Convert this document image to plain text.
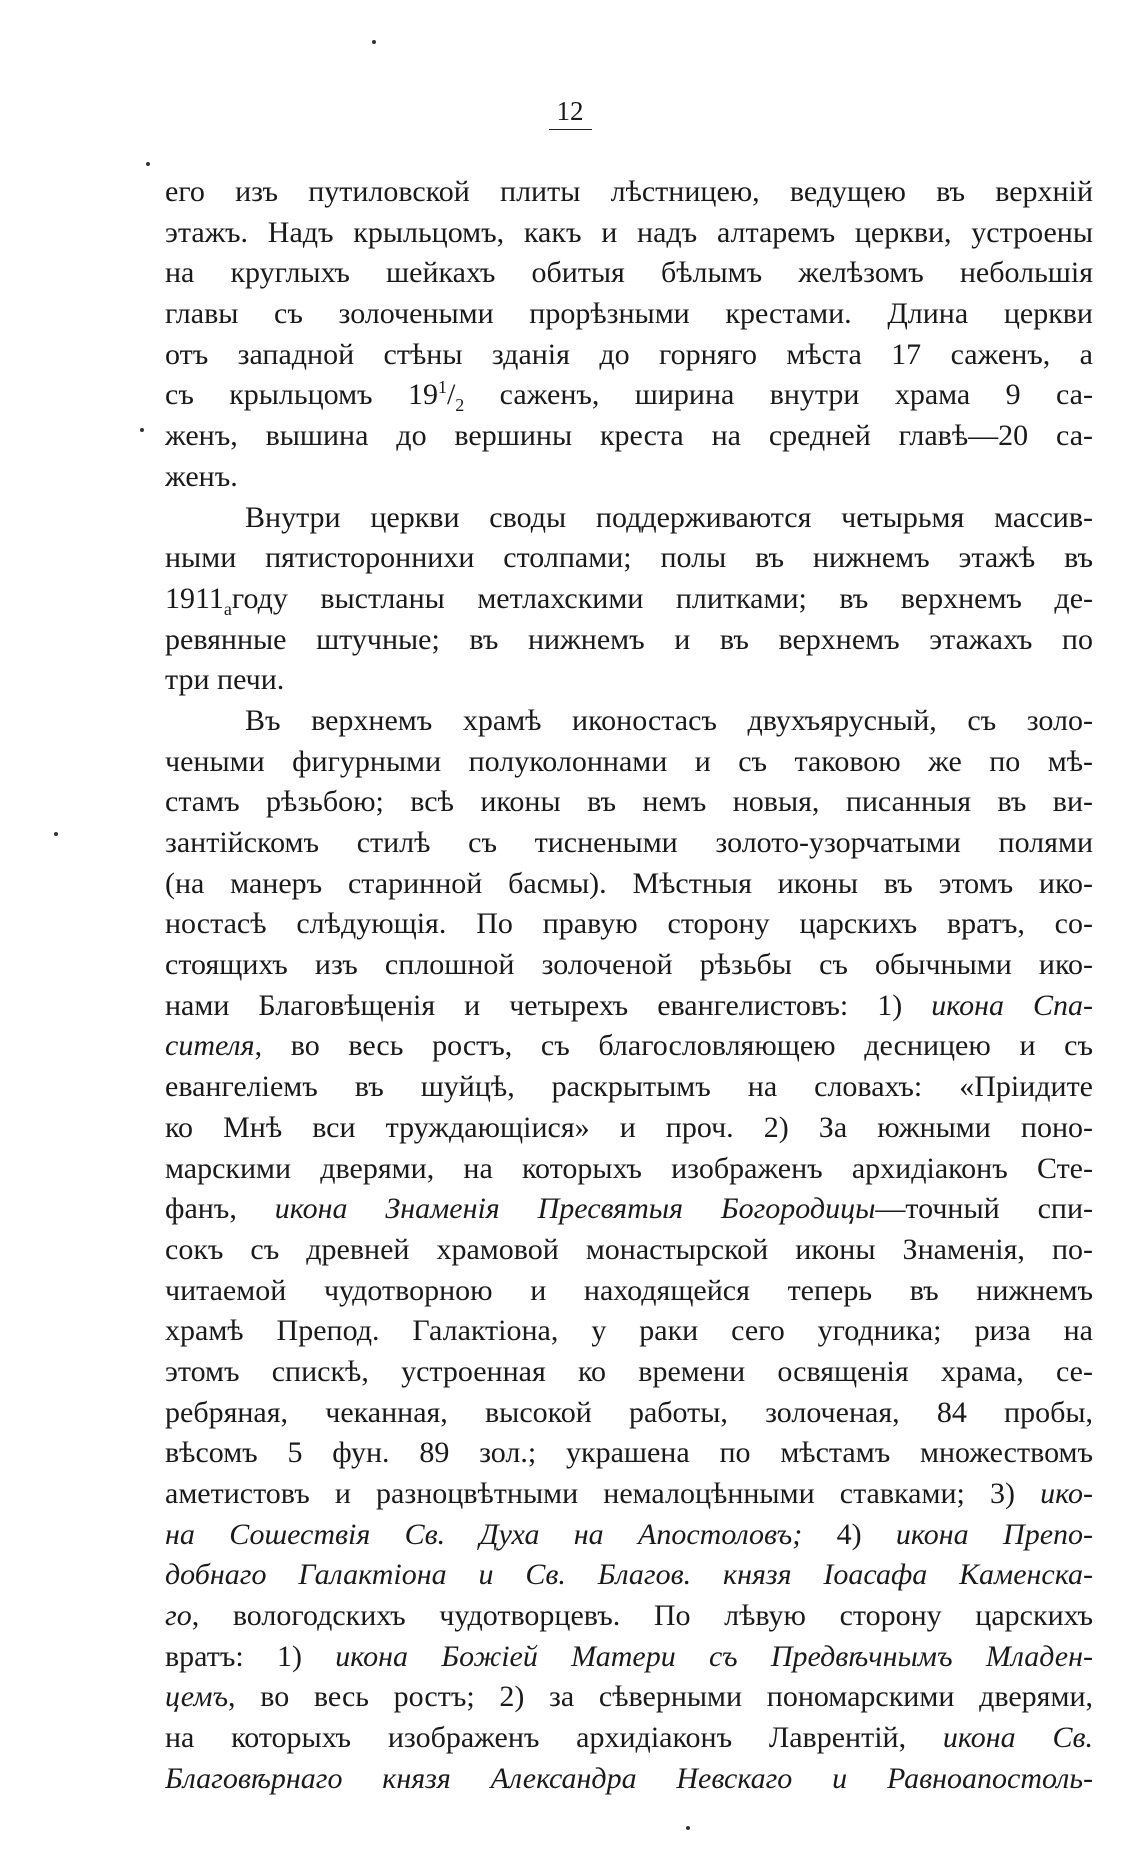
12
его изъ путиловской плиты лѣстницею, ведущею въ верхній
этажъ. Надъ крыльцомъ, какъ и надъ алтаремъ церкви, устроены
на круглыхъ шейкахъ обитыя бѣлымъ желѣзомъ небольшія
главы съ золочеными прорѣзными крестами. Длина церкви
отъ западной стѣны зданія до горняго мѣста 17 саженъ, а
съ крыльцомъ $19^1/_2$ саженъ, ширина внутри храма 9 са-
женъ, вышина до вершины креста на средней главѣ—20 са-
женъ.
Внутри церкви своды поддерживаются четырьмя массив-
ными пятистороннихи столпами; полы въ нижнемъ этажѣ въ
$1911_агоду$ выстланы метлахскими плитками; въ верхнемъ де-
ревянные штучные; въ нижнемъ и въ верхнемъ этажахъ по
три печи.
Въ верхнемъ храмѣ иконостасъ двухъярусный, съ золо-
чеными фигурными полуколоннами и съ таковою же по мѣ-
стамъ рѣзьбою; всѣ иконы въ немъ новыя, писанныя въ ви-
зантійскомъ стилѣ съ тиснеными золото-узорчатыми полями
(на манеръ старинной басмы). Мѣстныя иконы въ этомъ ико-
ностасѣ слѣдующія. По правую сторону царскихъ вратъ, со-
стоящихъ изъ сплошной золоченой рѣзьбы съ обычными ико-
нами Благовѣщенія и четырехъ евангелистовъ: 1) икона Спа-
сителя, во весь ростъ, съ благословляющею десницею и съ
евангеліемъ въ шуйцѣ, раскрытымъ на словахъ: «Пріидите
ко Мнѣ вси труждающіися» и проч. 2) За южными поно-
марскими дверями, на которыхъ изображенъ архидіаконъ Сте-
фанъ, икона Знаменія Пресвятыя Богородицы—точный спи-
сокъ съ древней храмовой монастырской иконы Знаменія, по-
читаемой чудотворною и находящейся теперь въ нижнемъ
храмѣ Препод. Галактіона, у раки сего угодника; риза на
этомъ спискѣ, устроенная ко времени освященія храма, се-
ребряная, чеканная, высокой работы, золоченая, 84 пробы,
вѣсомъ 5 фун. 89 зол.; украшена по мѣстамъ множествомъ
аметистовъ и разноцвѣтными немалоцѣнными ставками; 3) ико-
на Сошествія Св. Духа на Апостоловъ; 4) икона Препо-
добнаго Галактіона и Св. Благов. князя Іоасафа Каменска-
го, вологодскихъ чудотворцевъ. По лѣвую сторону царскихъ
вратъ: 1) икона Божіей Матери съ Предвѣчнымъ Младен-
цемъ, во весь ростъ; 2) за сѣверными пономарскими дверями,
на которыхъ изображенъ архидіаконъ Лаврентій, икона Св.
Благовѣрнаго князя Александра Невскаго и Равноапостоль-
